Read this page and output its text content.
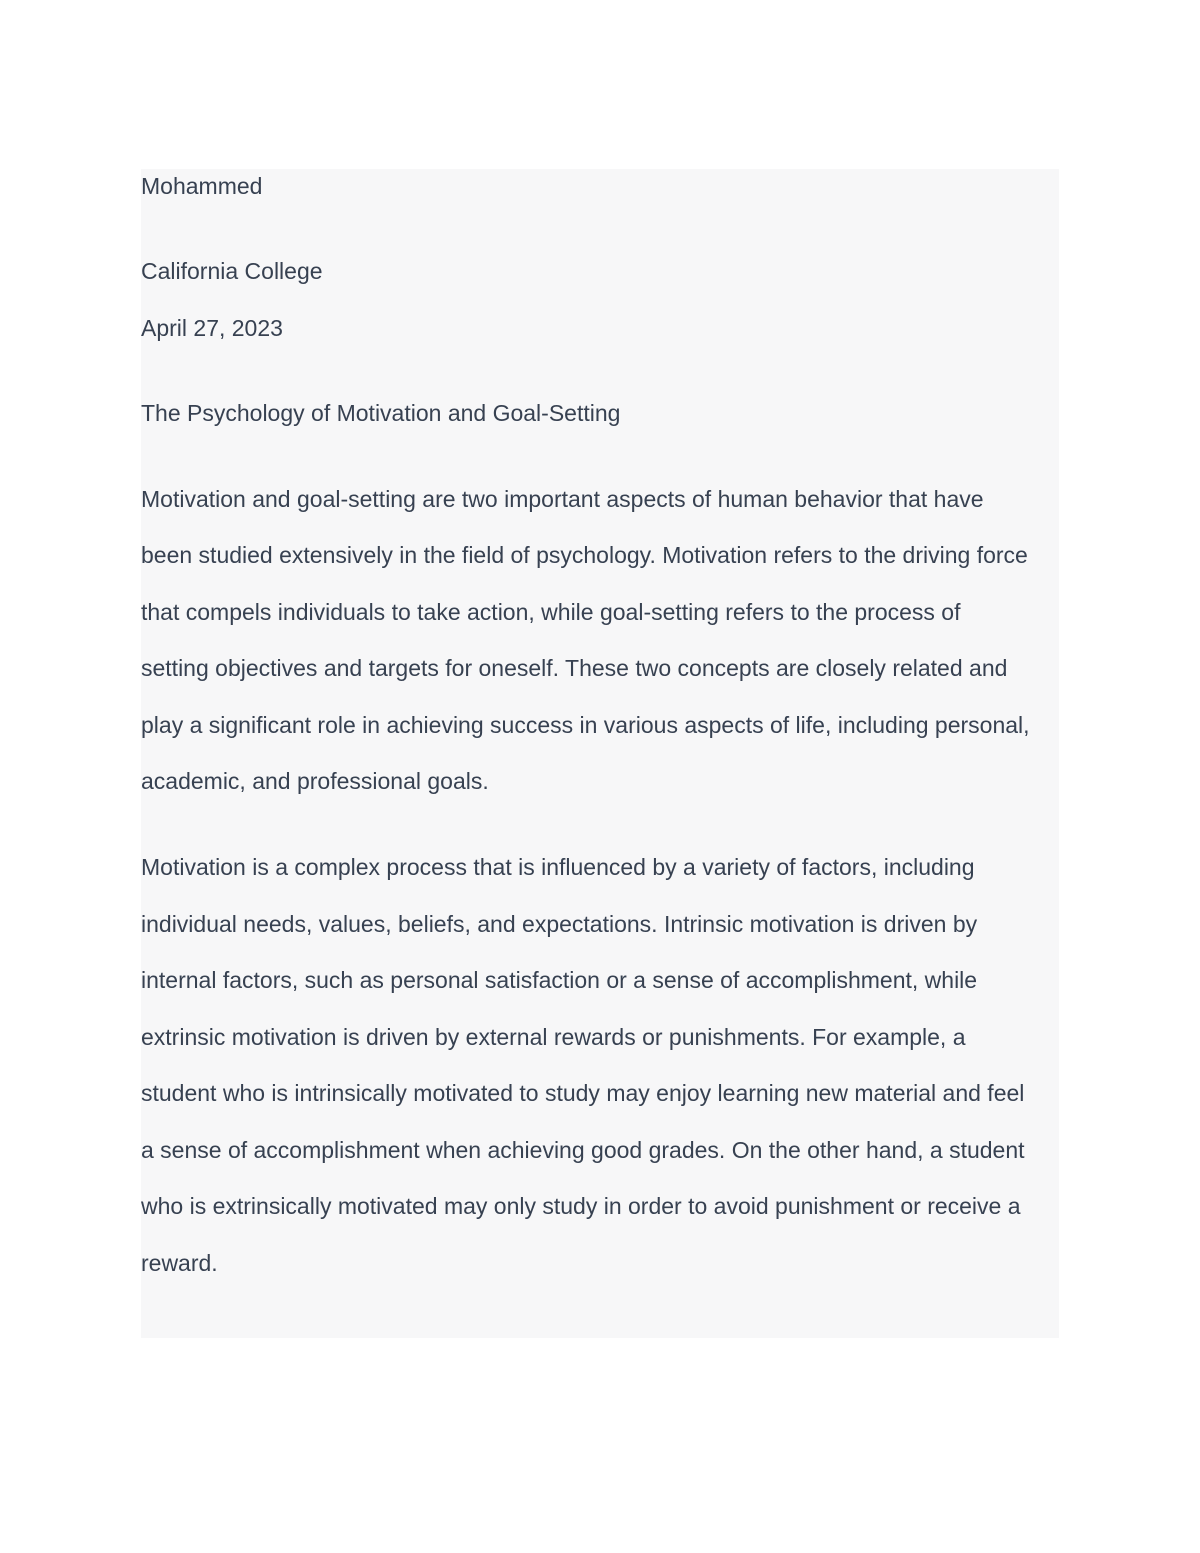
Mohammed

California College

April 27, 2023

The Psychology of Motivation and Goal-Setting

Motivation and goal-setting are two important aspects of human behavior that have

been studied extensively in the field of psychology. Motivation refers to the driving force

that compels individuals to take action, while goal-setting refers to the process of

setting objectives and targets for oneself. These two concepts are closely related and

play a significant role in achieving success in various aspects of life, including personal,

academic, and professional goals.

Motivation is a complex process that is influenced by a variety of factors, including

individual needs, values, beliefs, and expectations. Intrinsic motivation is driven by

internal factors, such as personal satisfaction or a sense of accomplishment, while

extrinsic motivation is driven by external rewards or punishments. For example, a

student who is intrinsically motivated to study may enjoy learning new material and feel

a sense of accomplishment when achieving good grades. On the other hand, a student

who is extrinsically motivated may only study in order to avoid punishment or receive a

reward.
